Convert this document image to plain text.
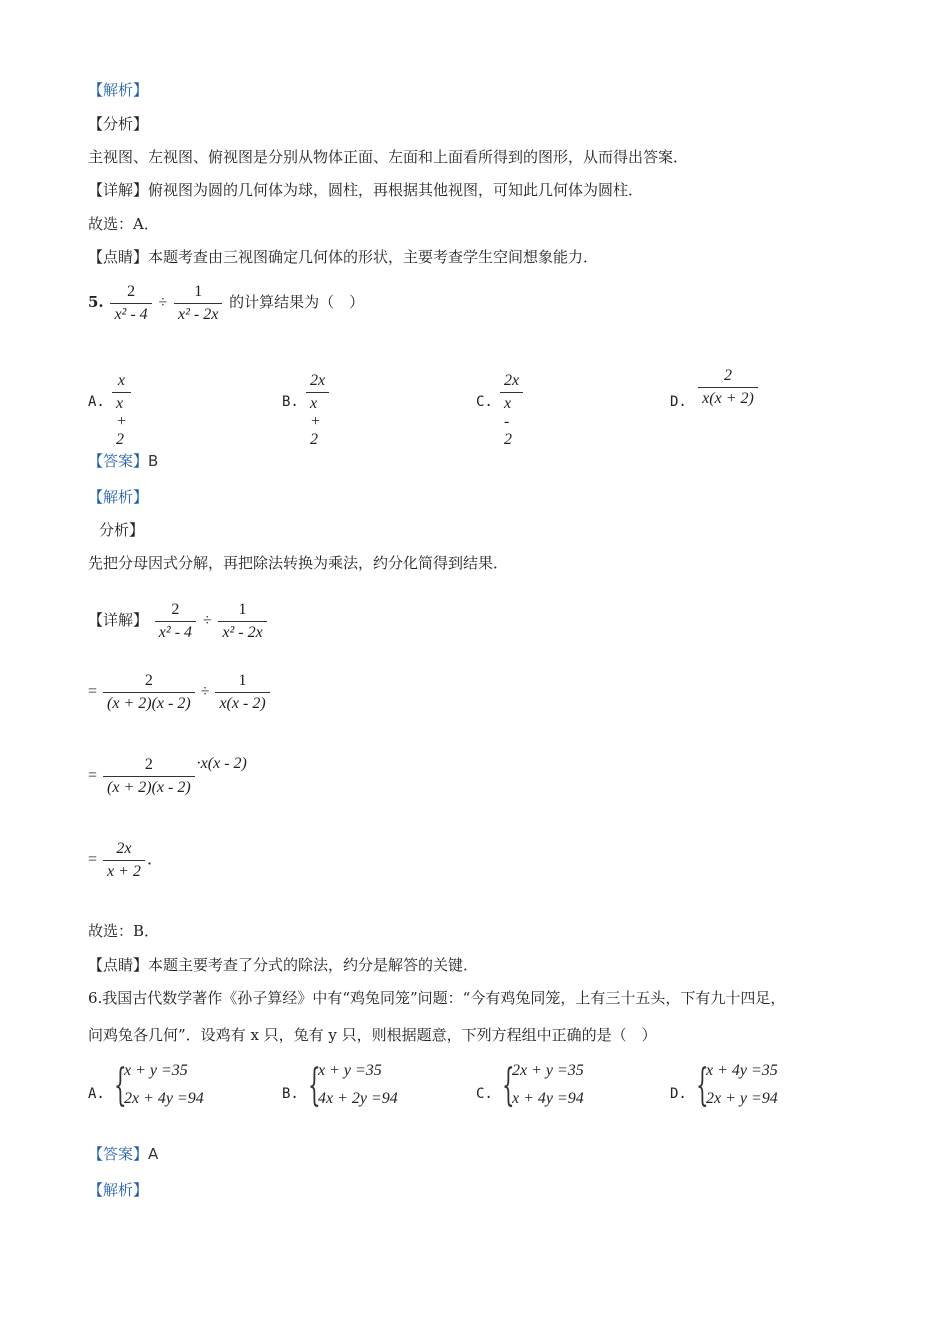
【解析】
【分析】
主视图、左视图、俯视图是分别从物体正面、左面和上面看所得到的图形，从而得出答案．
【详解】俯视图为圆的几何体为球，圆柱，再根据其他视图，可知此几何体为圆柱．
故选：A．
【点睛】本题考查由三视图确定几何体的形状，主要考查学生空间想象能力．
5. $\frac{2}{\text{x² - 4}} \div \frac{1}{\text{x² - 2x}}$ 的计算结果为（　）
A. $\frac{x}{x + 2}$	B. $\frac{2x}{x + 2}$	C. $\frac{2x}{x - 2}$	D. $\frac{2}{x(x + 2)}$
【答案】B
【解析】
分析】
先把分母因式分解，再把除法转换为乘法，约分化简得到结果．
【详解】 $\frac{2}{\text{x² - 4}} \div \frac{1}{\text{x² - 2x}}$
= $\frac{2}{(x + 2)(x - 2)} \div \frac{1}{x(x - 2)}$
= $\frac{2}{(x + 2)(x - 2)} \cdot x(x - 2)$
= $\frac{2x}{x + 2}$ ．
故选：B．
【点睛】本题主要考查了分式的除法，约分是解答的关键．
6.我国古代数学著作《孙子算经》中有“鸡兔同笼”问题：“今有鸡兔同笼，上有三十五头，下有九十四足，
问鸡兔各几何”．设鸡有 x 只，兔有 y 只，则根据题意，下列方程组中正确的是（　）
A. {
x + y =35
2x + 4y =94	B. {
x + y =35
4x + 2y =94	C. {
2x + y =35
x + 4y =94	D. {
x + 4y =35
2x + y =94
【答案】A
【解析】
